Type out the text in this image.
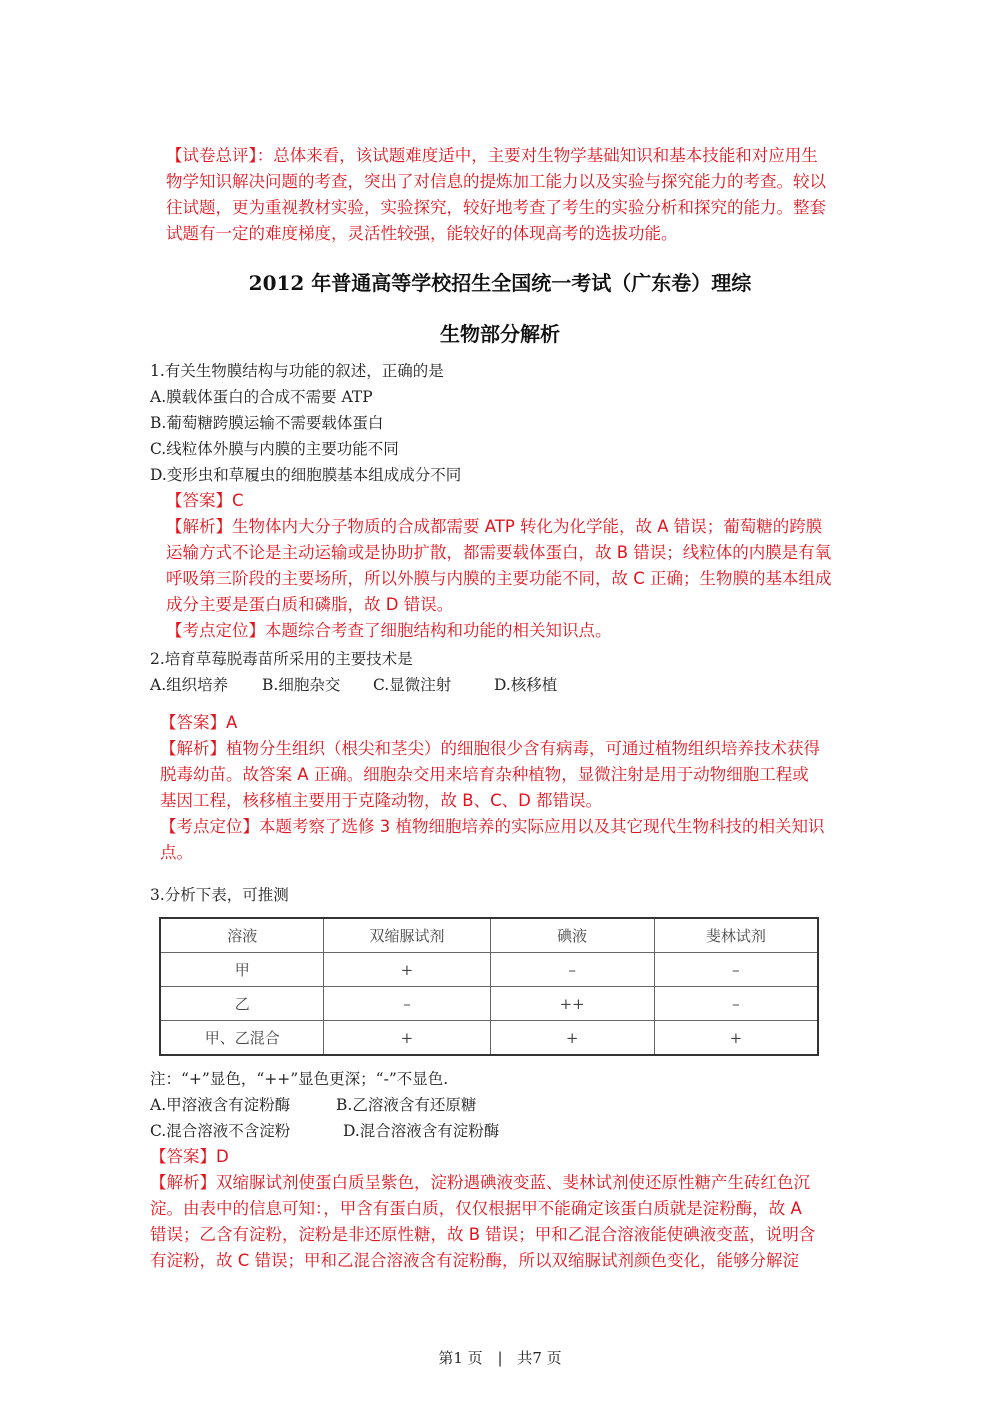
【试卷总评】：总体来看，该试题难度适中，主要对生物学基础知识和基本技能和对应用生
物学知识解决问题的考查，突出了对信息的提炼加工能力以及实验与探究能力的考查。较以
往试题，更为重视教材实验，实验探究，较好地考查了考生的实验分析和探究的能力。整套
试题有一定的难度梯度，灵活性较强，能较好的体现高考的选拔功能。
2012 年普通高等学校招生全国统一考试（广东卷）理综
生物部分解析
1.有关生物膜结构与功能的叙述，正确的是
A.膜载体蛋白的合成不需要 ATP
B.葡萄糖跨膜运输不需要载体蛋白
C.线粒体外膜与内膜的主要功能不同
D.变形虫和草履虫的细胞膜基本组成成分不同
【答案】C
【解析】生物体内大分子物质的合成都需要 ATP 转化为化学能，故 A 错误；葡萄糖的跨膜
运输方式不论是主动运输或是协助扩散，都需要载体蛋白，故 B 错误；线粒体的内膜是有氧
呼吸第三阶段的主要场所，所以外膜与内膜的主要功能不同，故 C 正确；生物膜的基本组成
成分主要是蛋白质和磷脂，故 D 错误。
【考点定位】本题综合考查了细胞结构和功能的相关知识点。
2.培育草莓脱毒苗所采用的主要技术是
A.组织培养 B.细胞杂交 C.显微注射	D.核移植
【答案】A
【解析】植物分生组织（根尖和茎尖）的细胞很少含有病毒，可通过植物组织培养技术获得
脱毒幼苗。故答案 A 正确。细胞杂交用来培育杂种植物，显微注射是用于动物细胞工程或
基因工程，核移植主要用于克隆动物，故 B、C、D 都错误。
【考点定位】本题考察了选修 3 植物细胞培养的实际应用以及其它现代生物科技的相关知识
点。
3.分析下表，可推测
溶液	双缩脲试剂	碘液	斐林试剂
甲	+	–	–
乙	–	++	–
甲、乙混合	+	+	+
注：“+”显色，“++”显色更深；“-”不显色.
A.甲溶液含有淀粉酶	B.乙溶液含有还原糖
C.混合溶液不含淀粉	D.混合溶液含有淀粉酶
【答案】D
【解析】双缩脲试剂使蛋白质呈紫色，淀粉遇碘液变蓝、斐林试剂使还原性糖产生砖红色沉
淀。由表中的信息可知：，甲含有蛋白质，仅仅根据甲不能确定该蛋白质就是淀粉酶，故 A
错误；乙含有淀粉，淀粉是非还原性糖，故 B 错误；甲和乙混合溶液能使碘液变蓝，说明含
有淀粉，故 C 错误；甲和乙混合溶液含有淀粉酶，所以双缩脲试剂颜色变化，能够分解淀
第1 页 | 共7 页
